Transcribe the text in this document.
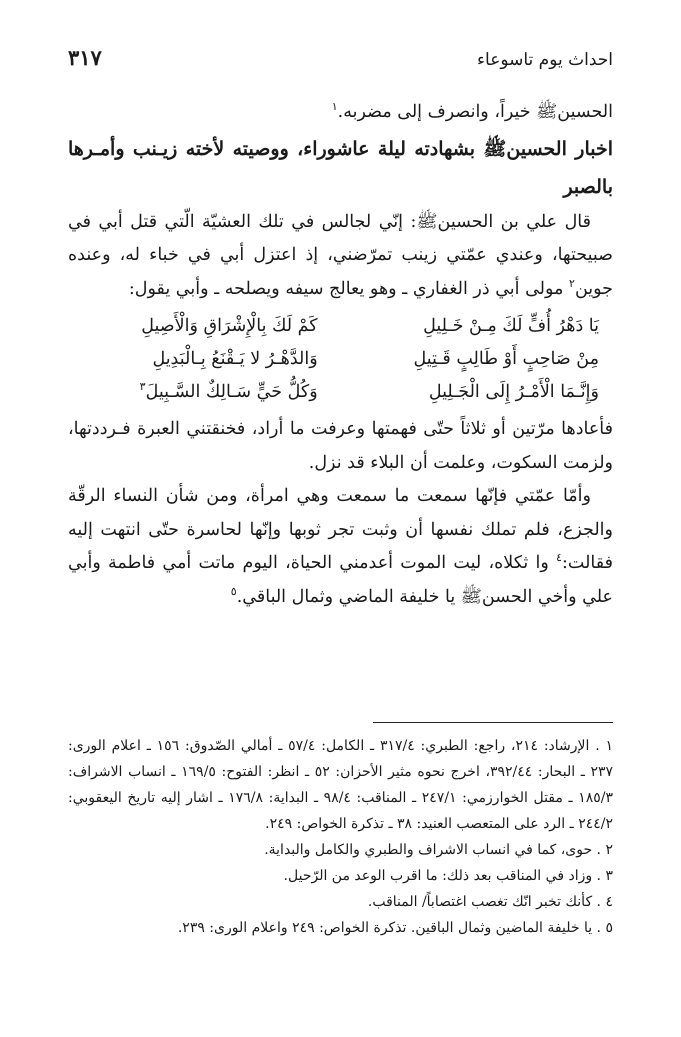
احداث يوم تاسوعاء
٣١٧

الحسينﷺ خيراً، وانصرف إلى مضربه.$^١$

اخبار الحسينﷺ بشهادته ليلة عاشوراء، ووصيته لأخته زيـنب وأمـرها بالصبر

قال علي بن الحسينﷺ: إنّي لجالس في تلك العشيّة الّتي قتل أبي في صبيحتها، وعندي عمّتي زينب تمرّضني، إذ اعتزل أبي في خباء له، وعنده جوين$^٢$ مولى أبي ذر الغفاري ـ وهو يعالج سيفه ويصلحه ـ وأبي يقول:

يَا دَهْرُ أُفٍّ لَكَ مِـنْ خَـلِيلِ
كَمْ لَكَ بِالْإِشْرَاقِ وَالْأَصِيلِ
مِنْ صَاحِبٍ أَوْ طَالِبٍ قَـتِيلِ
وَالدَّهْـرُ لا يَـقْنَعُ بِـالْبَدِيلِ
وَإِنَّـمَا الْأَمْـرُ إِلَى الْجَـلِيلِ
وَكُلُّ حَيٍّ سَـالِكٌ السَّـبِيلَ$^٣$

فأعادها مرّتين أو ثلاثاً حتّى فهمتها وعرفت ما أراد، فخنقتني العبرة فـرددتها، ولزمت السكوت، وعلمت أن البلاء قد نزل.

وأمّا عمّتي فإنّها سمعت ما سمعت وهي امرأة، ومن شأن النساء الرقّة والجزع، فلم تملك نفسها أن وثبت تجر ثوبها وإنّها لحاسرة حتّى انتهت إليه فقالت:$^٤$ وا ثكلاه، ليت الموت أعدمني الحياة، اليوم ماتت أمي فاطمة وأبي علي وأخي الحسنﷺ يا خليفة الماضي وثمال الباقي.$^٥$

١ . الإرشاد: ٢١٤، راجع: الطبري: ٣١٧/٤ ـ الكامل: ٥٧/٤ ـ أمالي الصّدوق: ١٥٦ ـ اعلام الورى: ٢٣٧ ـ البحار: ٣٩٢/٤٤، اخرج نحوه مثير الأحزان: ٥٢ ـ انظر: الفتوح: ١٦٩/٥ ـ انساب الاشراف: ١٨٥/٣ ـ مقتل الخوارزمي: ٢٤٧/١ ـ المناقب: ٩٨/٤ ـ البداية: ١٧٦/٨ ـ اشار إليه تاريخ اليعقوبي: ٢٤٤/٢ ـ الرد على المتعصب العنيد: ٣٨ ـ تذكرة الخواص: ٢٤٩.

٢ . حوى، كما في انساب الاشراف والطبري والكامل والبداية.

٣ . وزاد في المناقب بعد ذلك: ما اقرب الوعد من الرّحيل.

٤ . كأنك تخبر انّك تغصب اغتصاباً/ المناقب.

٥ . يا خليفة الماضين وثمال الباقين. تذكرة الخواص: ٢٤٩ واعلام الورى: ٢٣٩.
